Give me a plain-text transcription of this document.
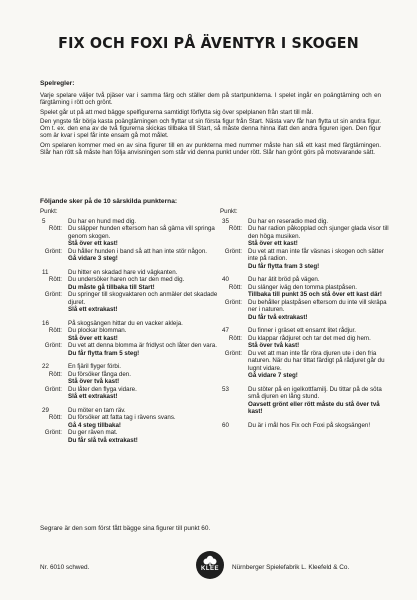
FIX OCH FOXI PÅ ÄVENTYR I SKOGEN
Spelregler:

Varje spelare väljer två pjäser var i samma färg och ställer dem på startpunkterna. I spelet ingår en poängtärning och en färgtärning i rött och grönt.

Spelet går ut på att med bägge spelfigurerna samtidigt förflytta sig över spelplanen från start till mål.

Den yngste får börja kasta poängtärningen och flyttar ut sin första figur från Start. Nästa varv får han flytta ut sin andra figur. Om t. ex. den ena av de två figurerna skickas tillbaka till Start, så måste denna hinna ifatt den andra figuren igen. Den figur som är kvar i spel får inte ensam gå mot målet.

Om spelaren kommer med en av sina figurer till en av punkterna med nummer måste han slå ett kast med färgtärningen. Slår han rött så måste han följa anvisningen som står vid denna punkt under rött. Slår han grönt görs på motsvarande sätt.

Följande sker på de 10 särskilda punkterna:
Punkt:
5	Du har en hund med dig.
Rött: Du släpper hunden eftersom han så gärna vill springa genom skogen.
Stå över ett kast!
Grönt: Du håller hunden i band så att han inte stör någon.
Gå vidare 3 steg!
11	Du hitter en skadad hare vid vägkanten.
Rött: Du undersöker haren och tar den med dig.
Du måste gå tillbaka till Start!
Grönt: Du springer till skogvaktaren och anmäler det skadade djuret.
Slå ett extrakast!
16	På skogsängen hittar du en vacker akleja.
Rött: Du plockar blomman.
Stå över ett kast!
Grönt: Du vet att denna blomma är fridlyst och låter den vara.
Du får flytta fram 5 steg!
22	En fjäril flyger förbi.
Rött: Du försöker fånga den.
Stå över två kast!
Grönt: Du låter den flyga vidare.
Slå ett extrakast!
29	Du möter en tam räv.
Rött: Du försöker att fatta tag i rävens svans.
Gå 4 steg tillbaka!
Grönt: Du ger räven mat.
Du får slå två extrakast!
Punkt:
35	Du har en reseradio med dig.
Rött: Du har radion påkopplad och sjunger glada visor till den höga musiken.
Stå över ett kast!
Grönt: Du vet att man inte får väsnas i skogen och sätter inte på radion.
Du får flytta fram 3 steg!
40	Du har ätit bröd på vägen.
Rött: Du slänger iväg den tomma plastpåsen.
Tillbaka till punkt 35 och stå över ett kast där!
Grönt: Du behåller plastpåsen eftersom du inte vill skräpa ner i naturen.
Du får två extrakast!
47	Du finner i gräset ett ensamt litet rådjur.
Rött: Du klappar rådjuret och tar det med dig hem.
Stå över två kast!
Grönt: Du vet att man inte får röra djuren ute i den fria naturen. När du har tittat färdigt på rådjuret går du lugnt vidare.
Gå vidare 7 steg!
53	Du stöter på en igelkottfamilj. Du tittar på de söta små djuren en lång stund.
Oavsett grönt eller rött måste du stå över två kast!
60	Du är i mål hos Fix och Foxi på skogsängen!
Segrare är den som först fått bägge sina figurer till punkt 60.
Nr. 6010 schwed.	KLEE	Nürnberger Spielefabrik L. Kleefeld & Co.
